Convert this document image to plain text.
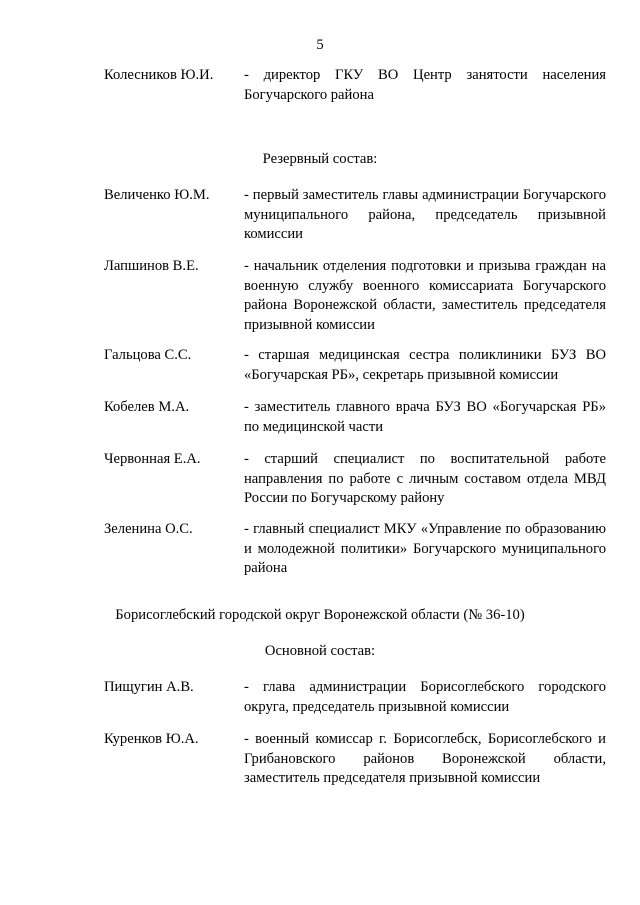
5

Колесников Ю.И. - директор ГКУ ВО Центр занятости населения Богучарского района

Резервный состав:

Величенко Ю.М. - первый заместитель главы администрации Богучарского муниципального района, председатель призывной комиссии
Лапшинов В.Е.	- начальник отделения подготовки и призыва граждан на военную службу военного комиссариата Богучарского района Воронежской области, заместитель председателя призывной комиссии
Гальцова С.С.	- старшая медицинская сестра поликлиники БУЗ ВО «Богучарская РБ», секретарь призывной комиссии
Кобелев М.А.	- заместитель главного врача БУЗ ВО «Богучарская РБ» по медицинской части
Червонная Е.А.	- старший специалист по воспитательной работе направления по работе с личным составом отдела МВД России по Богучарскому району
Зеленина О.С.	- главный специалист МКУ «Управление по образованию и молодежной политики» Богучарского муниципального района

Борисоглебский городской округ Воронежской области (№ 36-10)

Основной состав:

Пищугин А.В.	- глава администрации Борисоглебского городского округа, председатель призывной комиссии
Куренков Ю.А.	- военный комиссар г. Борисоглебск, Борисоглебского и Грибановского районов Воронежской области, заместитель председателя призывной комиссии
